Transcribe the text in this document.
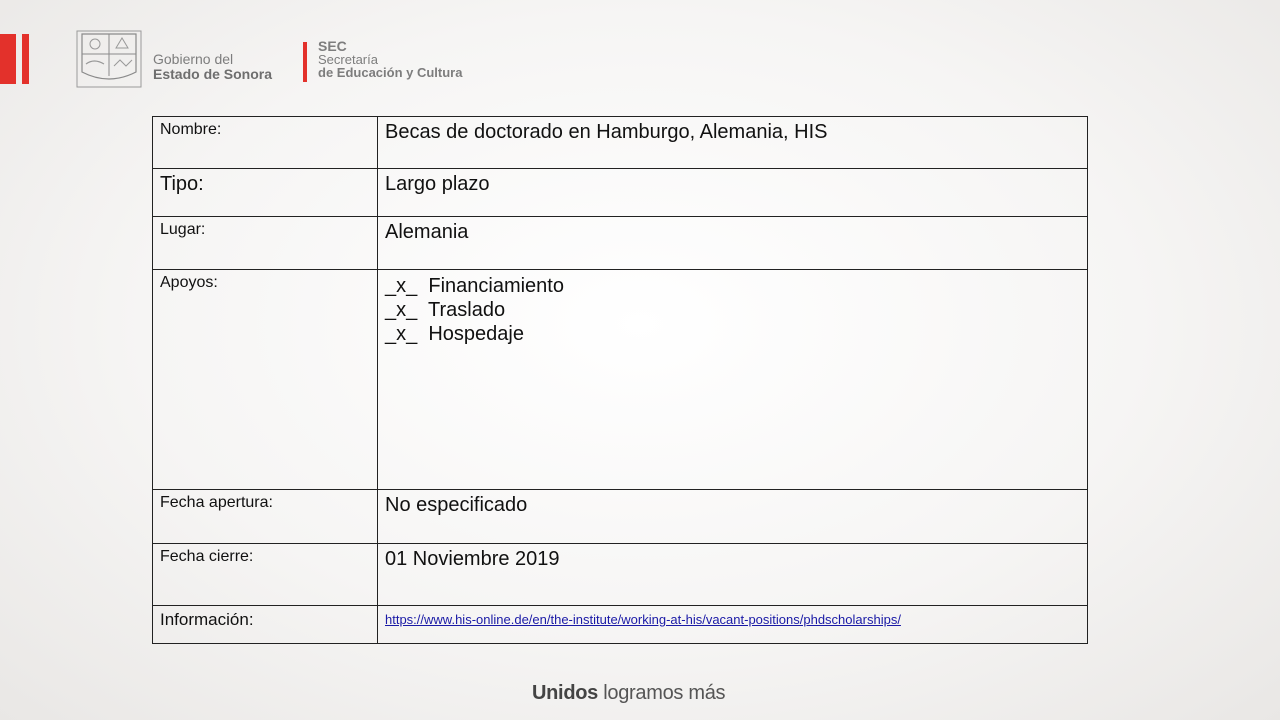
Gobierno del
Estado de Sonora
SEC
Secretaría
de Educación y Cultura
Nombre:	Becas de doctorado en Hamburgo, Alemania, HIS
Tipo:	Largo plazo
Lugar:	Alemania
Apoyos:	_x_  Financiamiento
_x_  Traslado
_x_  Hospedaje

Fecha apertura:	No especificado
Fecha cierre:	01 Noviembre 2019
Información:	https://www.his-online.de/en/the-institute/working-at-his/vacant-positions/phdscholarships/
Unidos logramos más
